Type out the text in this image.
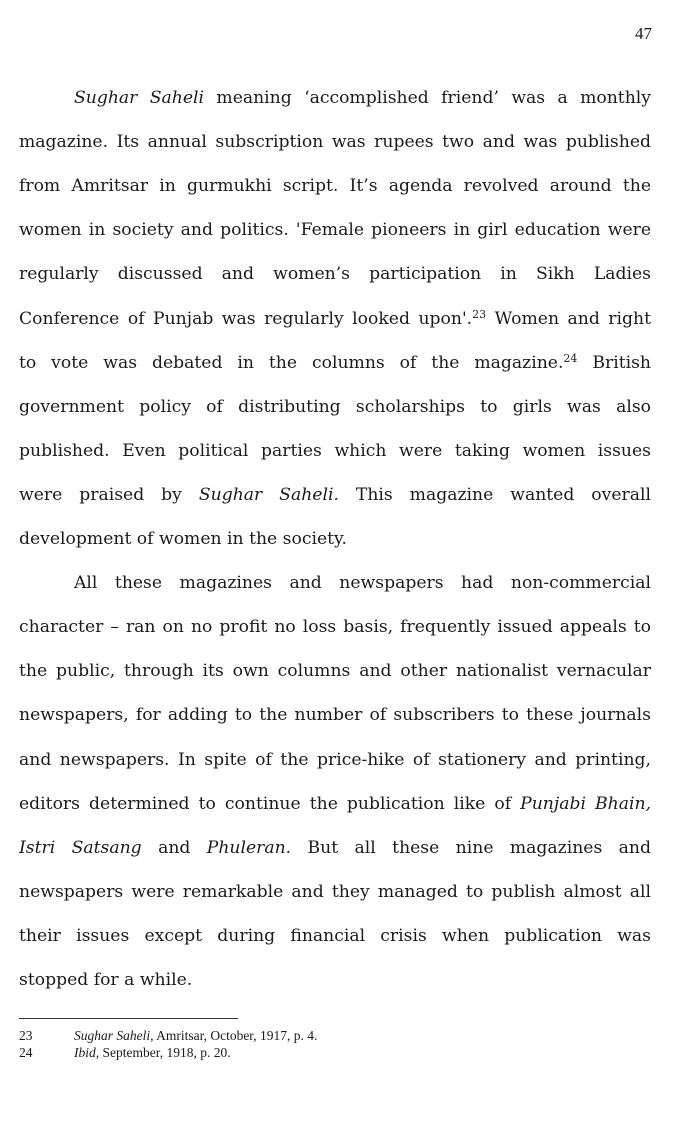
47
Sughar Saheli meaning ‘accomplished friend’ was a monthly
magazine. Its annual subscription was rupees two and was published
from Amritsar in gurmukhi script. It’s agenda revolved around the
women in society and politics. 'Female pioneers in girl education were
regularly discussed and women’s participation in Sikh Ladies
Conference of Punjab was regularly looked upon'.$^{23}$ Women and right
to vote was debated in the columns of the magazine.$^{24}$ British
government policy of distributing scholarships to girls was also
published. Even political parties which were taking women issues
were praised by Sughar Saheli. This magazine wanted overall
development of women in the society.
All these magazines and newspapers had non-commercial
character – ran on no profit no loss basis, frequently issued appeals to
the public, through its own columns and other nationalist vernacular
newspapers, for adding to the number of subscribers to these journals
and newspapers. In spite of the price-hike of stationery and printing,
editors determined to continue the publication like of Punjabi Bhain,
Istri Satsang and Phuleran. But all these nine magazines and
newspapers were remarkable and they managed to publish almost all
their issues except during financial crisis when publication was
stopped for a while.
23	Sughar Saheli, Amritsar, October, 1917, p. 4.
24	Ibid, September, 1918, p. 20.
